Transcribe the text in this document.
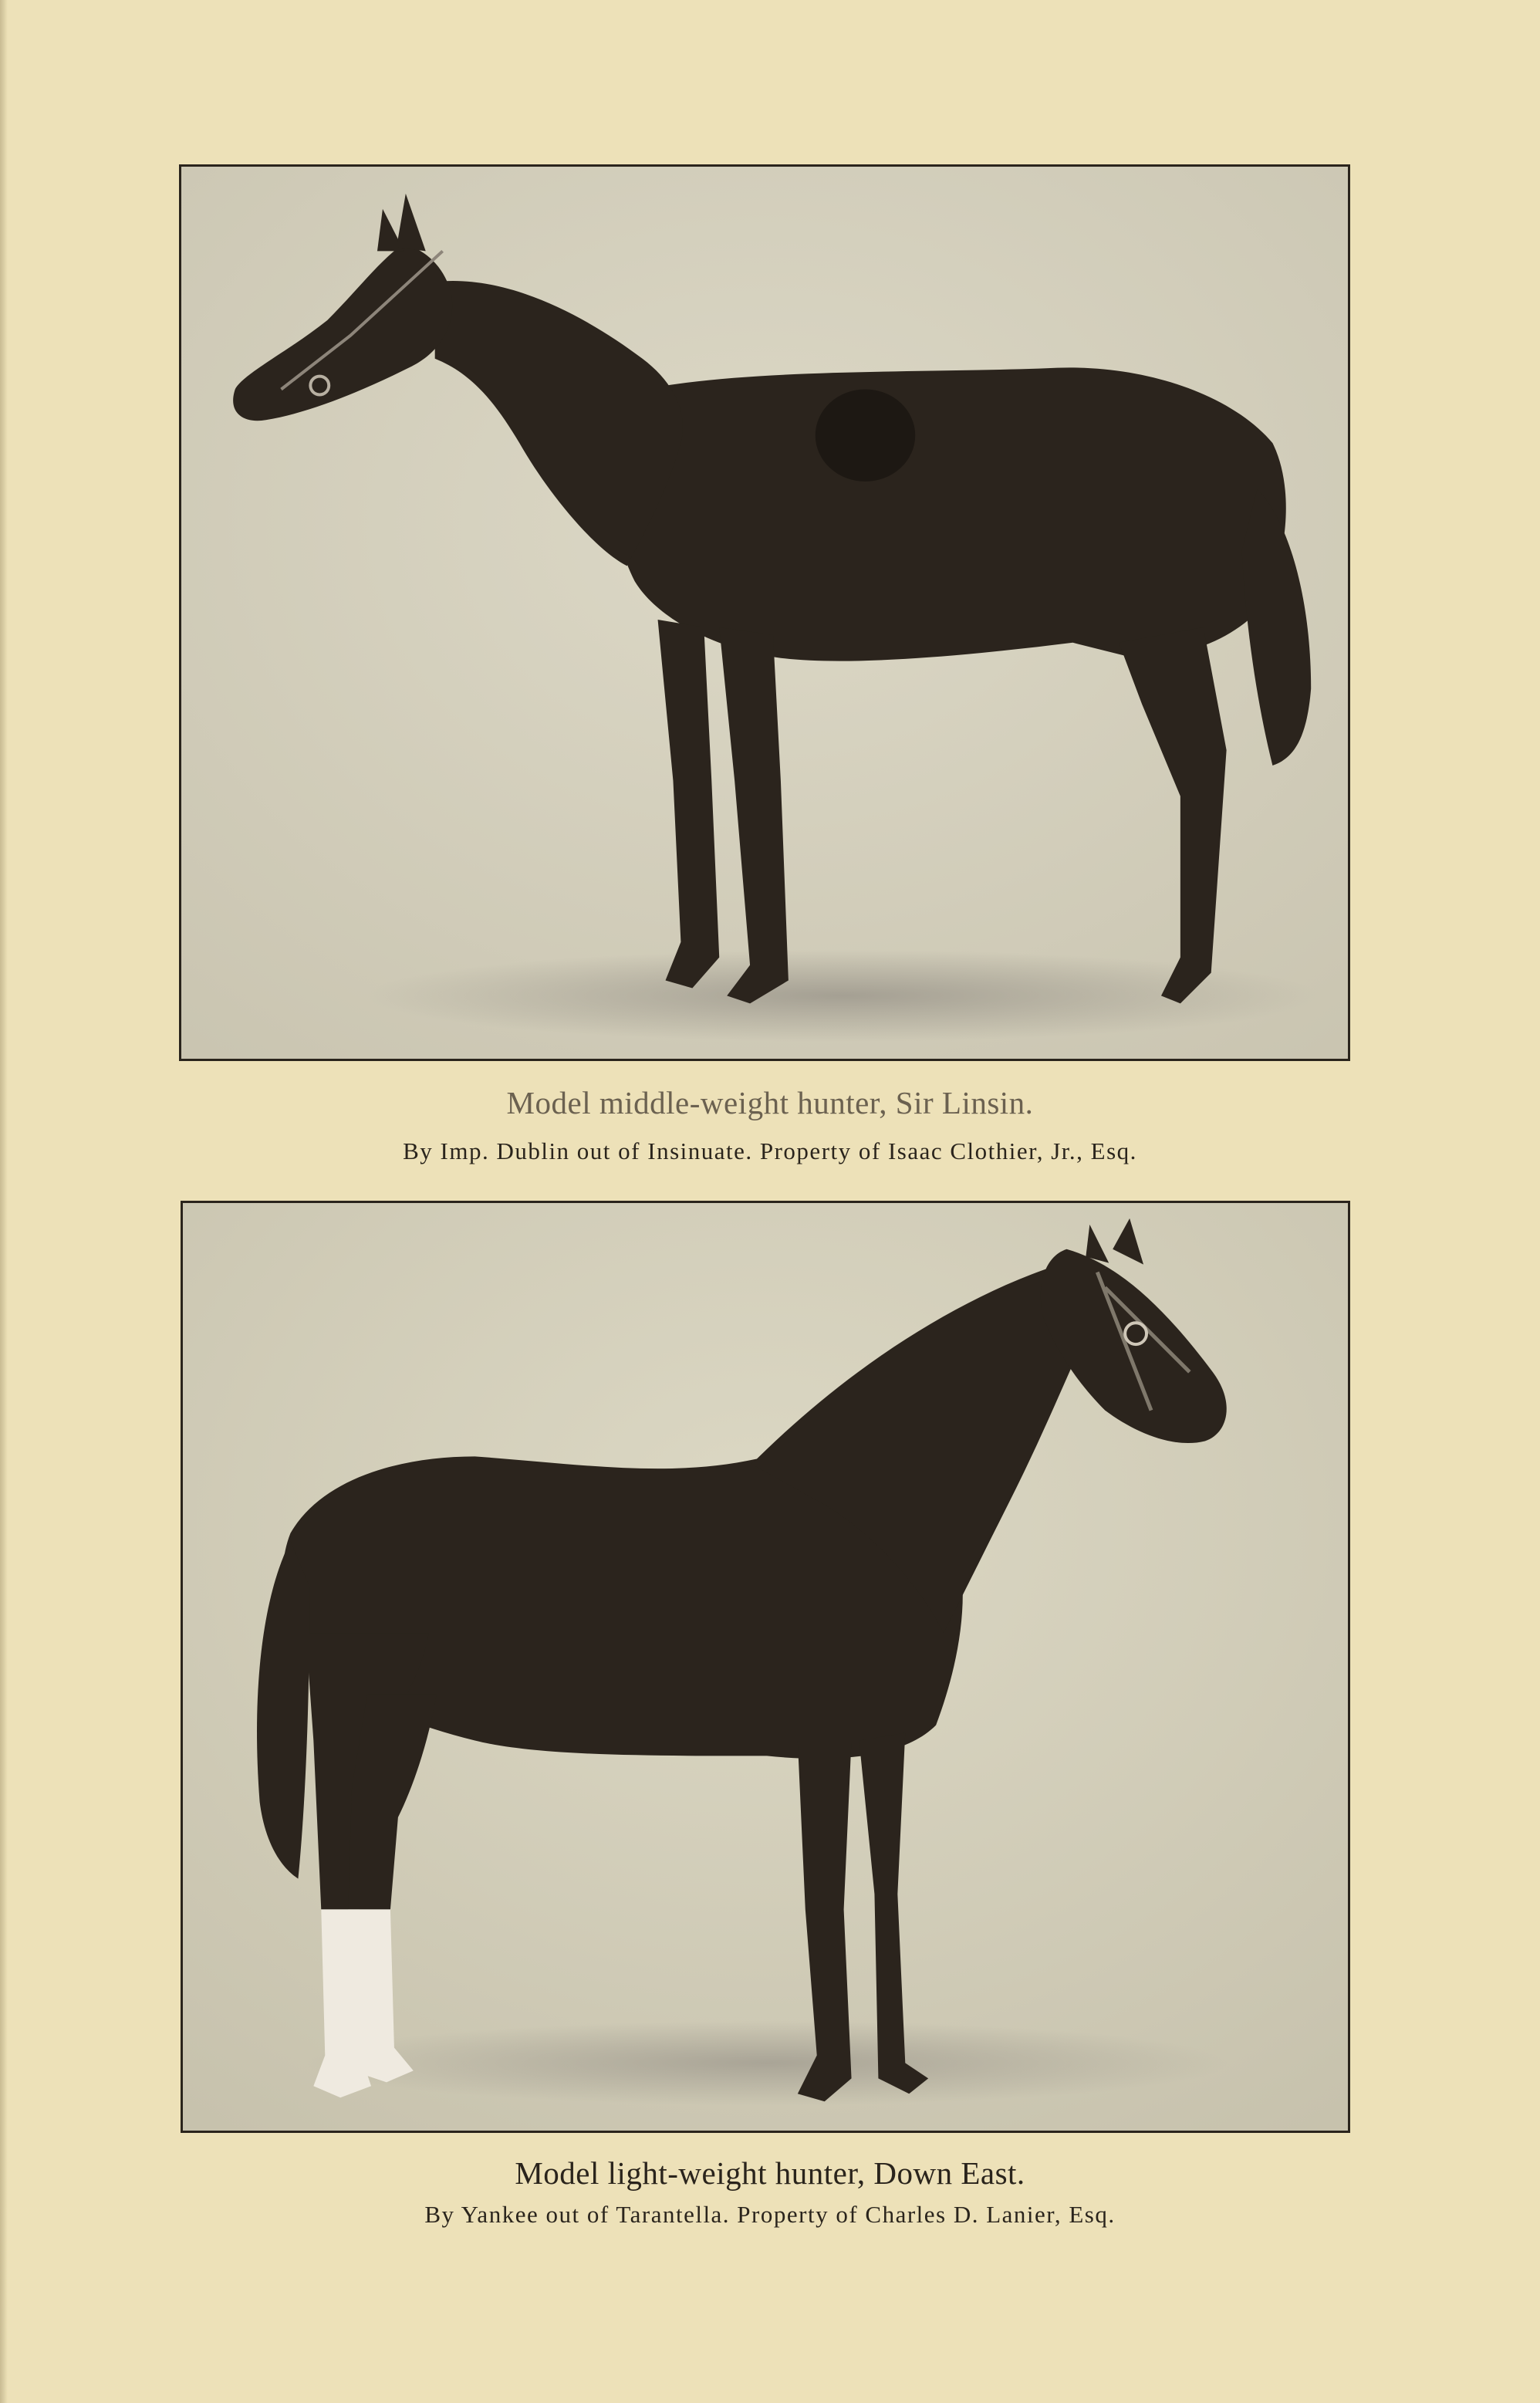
Model middle-weight hunter, Sir Linsin.
By Imp. Dublin out of Insinuate. Property of Isaac Clothier, Jr., Esq.
Model light-weight hunter, Down East.
By Yankee out of Tarantella. Property of Charles D. Lanier, Esq.
